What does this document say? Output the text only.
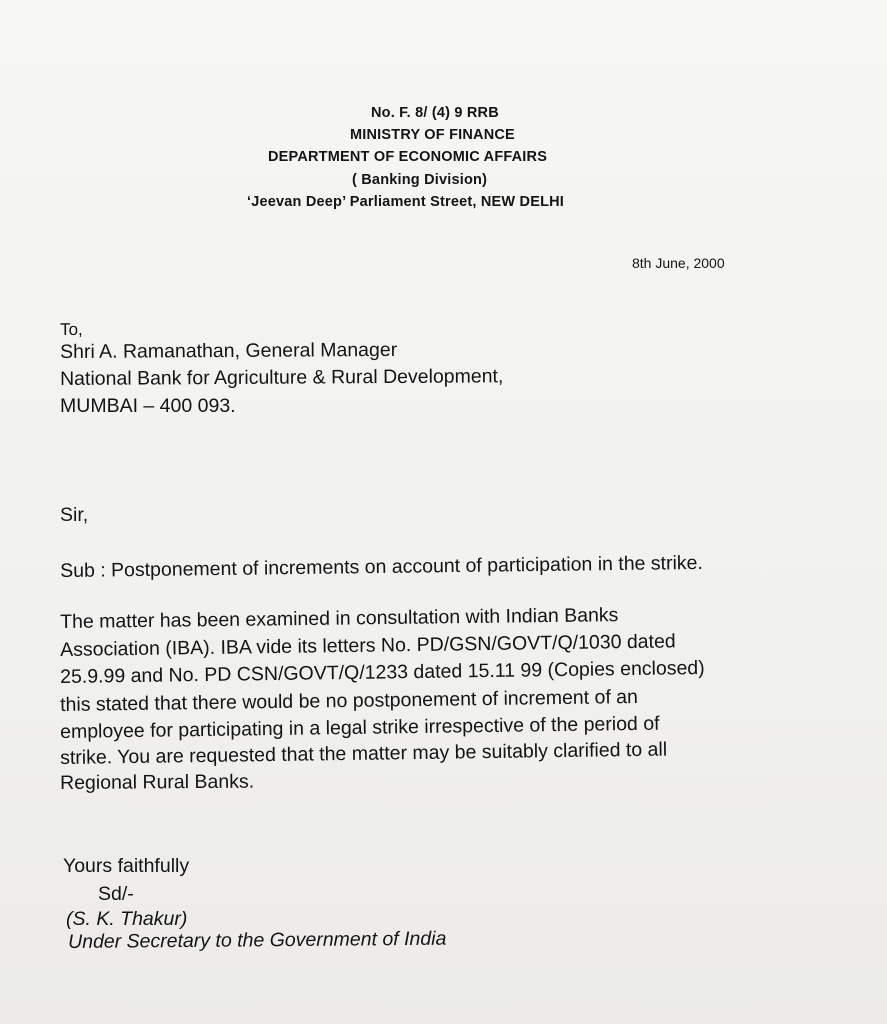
No. F. 8/ (4) 9 RRB
MINISTRY OF FINANCE
DEPARTMENT OF ECONOMIC AFFAIRS
( Banking Division)
‘Jeevan Deep’ Parliament Street, NEW DELHI
8th June, 2000
To,
Shri A. Ramanathan, General Manager
National Bank for Agriculture & Rural Development,
MUMBAI – 400 093.
Sir,
Sub : Postponement of increments on account of participation in the strike.
The matter has been examined in consultation with Indian Banks
Association (IBA). IBA vide its letters No. PD/GSN/GOVT/Q/1030 dated
25.9.99 and No. PD CSN/GOVT/Q/1233 dated 15.11 99 (Copies enclosed)
this stated that there would be no postponement of increment of an
employee for participating in a legal strike irrespective of the period of
strike. You are requested that the matter may be suitably clarified to all
Regional Rural Banks.
Yours faithfully
Sd/-
(S. K. Thakur)
Under Secretary to the Government of India
